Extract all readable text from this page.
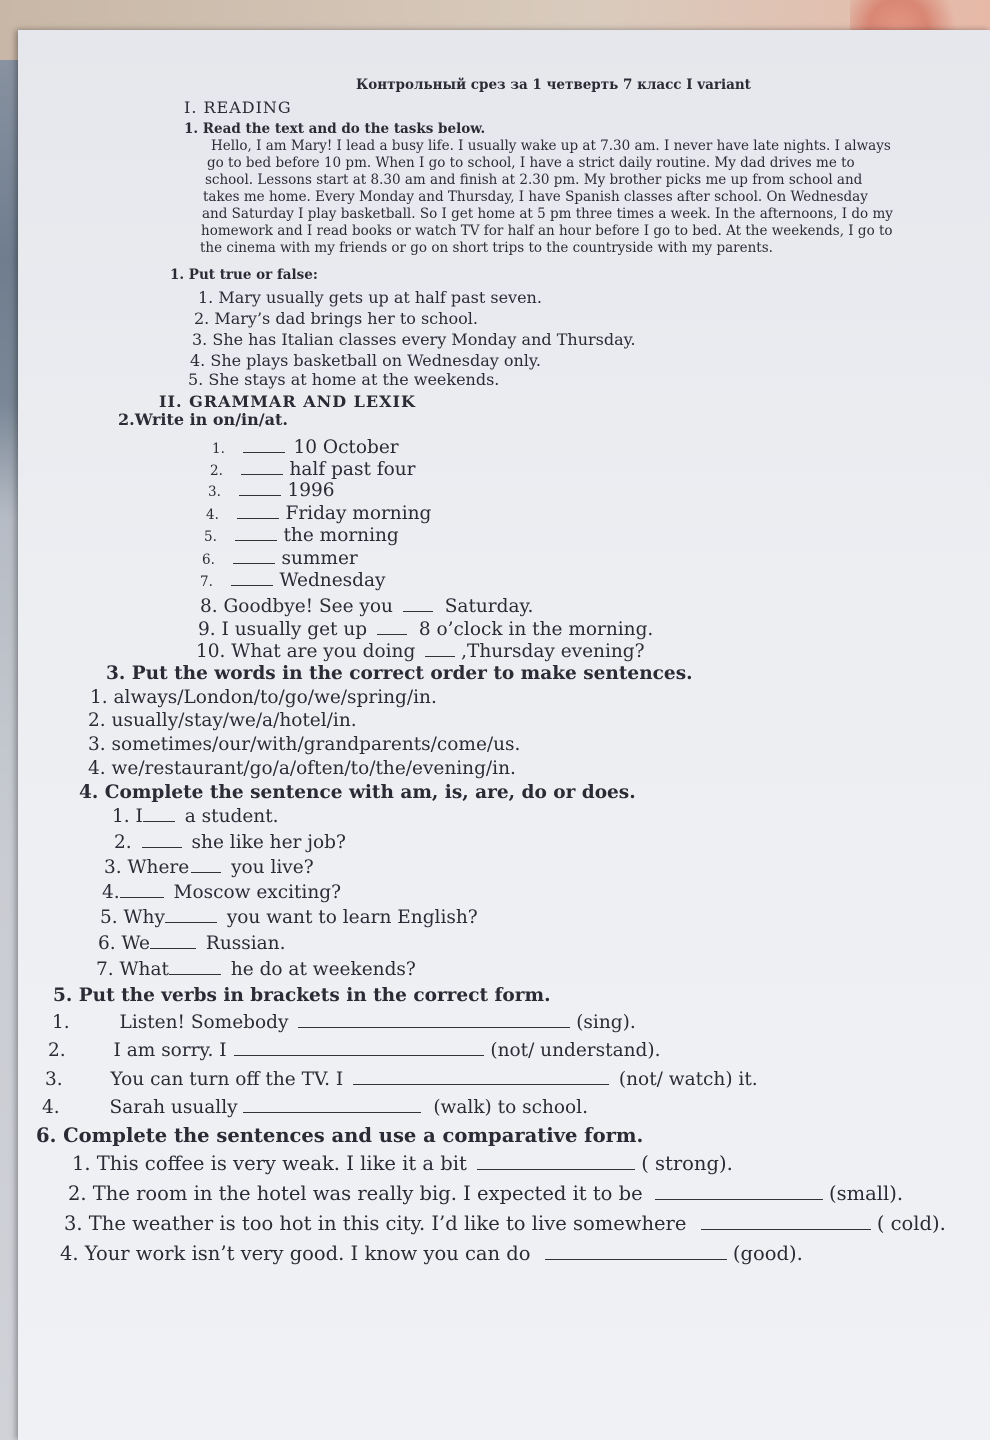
Контрольный срез за 1 четверть 7 класс I variant
I. READING
1. Read the text and do the tasks below.
Hello, I am Mary! I lead a busy life. I usually wake up at 7.30 am. I never have late nights. I always
go to bed before 10 pm. When I go to school, I have a strict daily routine. My dad drives me to
school. Lessons start at 8.30 am and finish at 2.30 pm. My brother picks me up from school and
takes me home. Every Monday and Thursday, I have Spanish classes after school. On Wednesday
and Saturday I play basketball. So I get home at 5 pm three times a week. In the afternoons, I do my
homework and I read books or watch TV for half an hour before I go to bed. At the weekends, I go to
the cinema with my friends or go on short trips to the countryside with my parents.
1. Put true or false:
1. Mary usually gets up at half past seven.
2. Mary’s dad brings her to school.
3. She has Italian classes every Monday and Thursday.
4. She plays basketball on Wednesday only.
5. She stays at home at the weekends.
II. GRAMMAR AND LEXIK
2.Write in on/in/at.
1.	10 October
2.	half past four
3.	1996
4.	Friday morning
5.	the morning
6.	summer
7.	Wednesday
8. Goodbye! See you	Saturday.
9. I usually get up	8 o’clock in the morning.
10. What are you doing ,Thursday evening?
3. Put the words in the correct order to make sentences.
1. always/London/to/go/we/spring/in.
2. usually/stay/we/a/hotel/in.
3. sometimes/our/with/grandparents/come/us.
4. we/restaurant/go/a/often/to/the/evening/in.
4. Complete the sentence with am, is, are, do or does.
1. I a student.
2.	she like her job?
3. Where you live?
4.	Moscow exciting?
5. Why	you want to learn English?
6. We	Russian.
7. What	he do at weekends?
5. Put the verbs in brackets in the correct form.
1.	Listen! Somebody	(sing).
2.	I am sorry. I	(not/ understand).
3.	You can turn off the TV. I	(not/ watch) it.
4.	Sarah usually	(walk) to school.
6. Complete the sentences and use a comparative form.
1. This coffee is very weak. I like it a bit	( strong).
2. The room in the hotel was really big. I expected it to be	(small).
3. The weather is too hot in this city. I’d like to live somewhere	( cold).
4. Your work isn’t very good. I know you can do	(good).
